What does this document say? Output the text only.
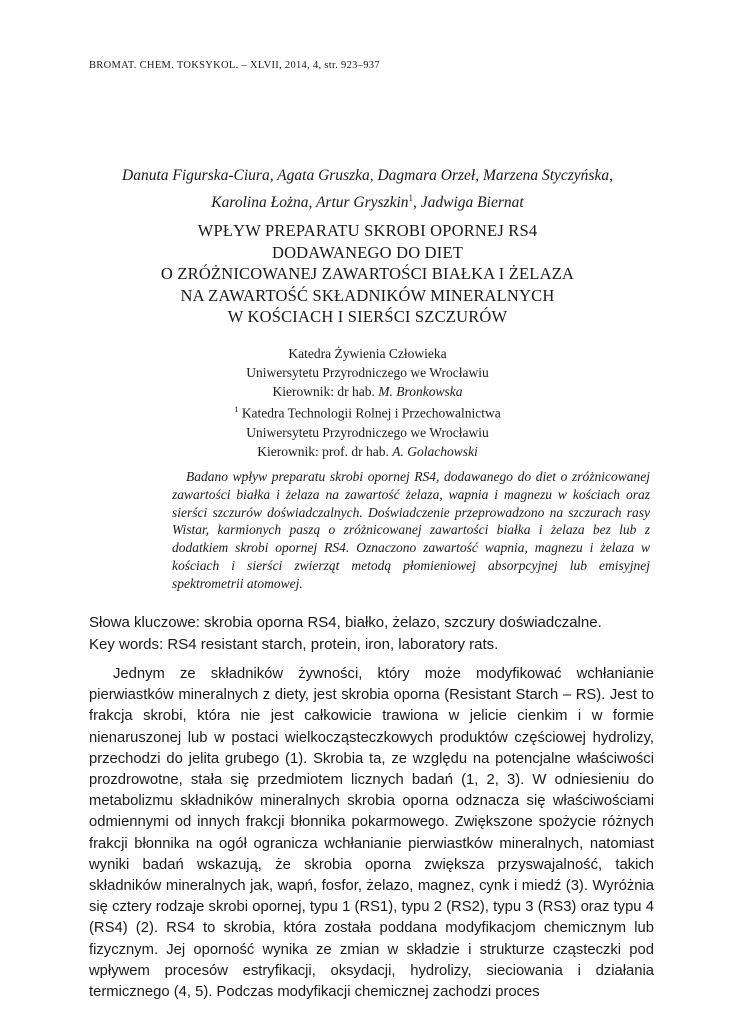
BROMAT. CHEM. TOKSYKOL. – XLVII, 2014, 4, str. 923–937
Danuta Figurska-Ciura, Agata Gruszka, Dagmara Orzeł, Marzena Styczyńska,
Karolina Łożna, Artur Gryszkin$^1$, Jadwiga Biernat
WPŁYW PREPARATU SKROBI OPORNEJ RS4
DODAWANEGO DO DIET
O ZRÓŻNICOWANEJ ZAWARTOŚCI BIAŁKA I ŻELAZA
NA ZAWARTOŚĆ SKŁADNIKÓW MINERALNYCH
W KOŚCIACH I SIERŚCI SZCZURÓW
Katedra Żywienia Człowieka
Uniwersytetu Przyrodniczego we Wrocławiu
Kierownik: dr hab. M. Bronkowska
$^1$ Katedra Technologii Rolnej i Przechowalnictwa
Uniwersytetu Przyrodniczego we Wrocławiu
Kierownik: prof. dr hab. A. Golachowski

Badano wpływ preparatu skrobi opornej RS4, dodawanego do diet o zróżnicowanej zawartości białka i żelaza na zawartość żelaza, wapnia i magnezu w kościach oraz sierści szczurów doświadczalnych. Doświadczenie przeprowadzono na szczurach rasy Wistar, karmionych paszą o zróżnicowanej zawartości białka i żelaza bez lub z dodatkiem skrobi opornej RS4. Oznaczono zawartość wapnia, magnezu i żelaza w kościach i sierści zwierząt metodą płomieniowej absorpcyjnej lub emisyjnej spektrometrii atomowej.

Słowa kluczowe: skrobia oporna RS4, białko, żelazo, szczury doświadczalne.
Key words: RS4 resistant starch, protein, iron, laboratory rats.

Jednym ze składników żywności, który może modyfikować wchłanianie pierwiastków mineralnych z diety, jest skrobia oporna (Resistant Starch – RS). Jest to frakcja skrobi, która nie jest całkowicie trawiona w jelicie cienkim i w formie nienaruszonej lub w postaci wielkocząsteczkowych produktów częściowej hydrolizy, przechodzi do jelita grubego (1). Skrobia ta, ze względu na potencjalne właściwości prozdrowotne, stała się przedmiotem licznych badań (1, 2, 3). W odniesieniu do metabolizmu składników mineralnych skrobia oporna odznacza się właściwościami odmiennymi od innych frakcji błonnika pokarmowego. Zwiększone spożycie różnych frakcji błonnika na ogół ogranicza wchłanianie pierwiastków mineralnych, natomiast wyniki badań wskazują, że skrobia oporna zwiększa przyswajalność, takich składników mineralnych jak, wapń, fosfor, żelazo, magnez, cynk i miedź (3). Wyróżnia się cztery rodzaje skrobi opornej, typu 1 (RS1), typu 2 (RS2), typu 3 (RS3) oraz typu 4 (RS4) (2). RS4 to skrobia, która została poddana modyfikacjom chemicznym lub fizycznym. Jej oporność wynika ze zmian w składzie i strukturze cząsteczki pod wpływem procesów estryfikacji, oksydacji, hydrolizy, sieciowania i działania termicznego (4, 5). Podczas modyfikacji chemicznej zachodzi proces
